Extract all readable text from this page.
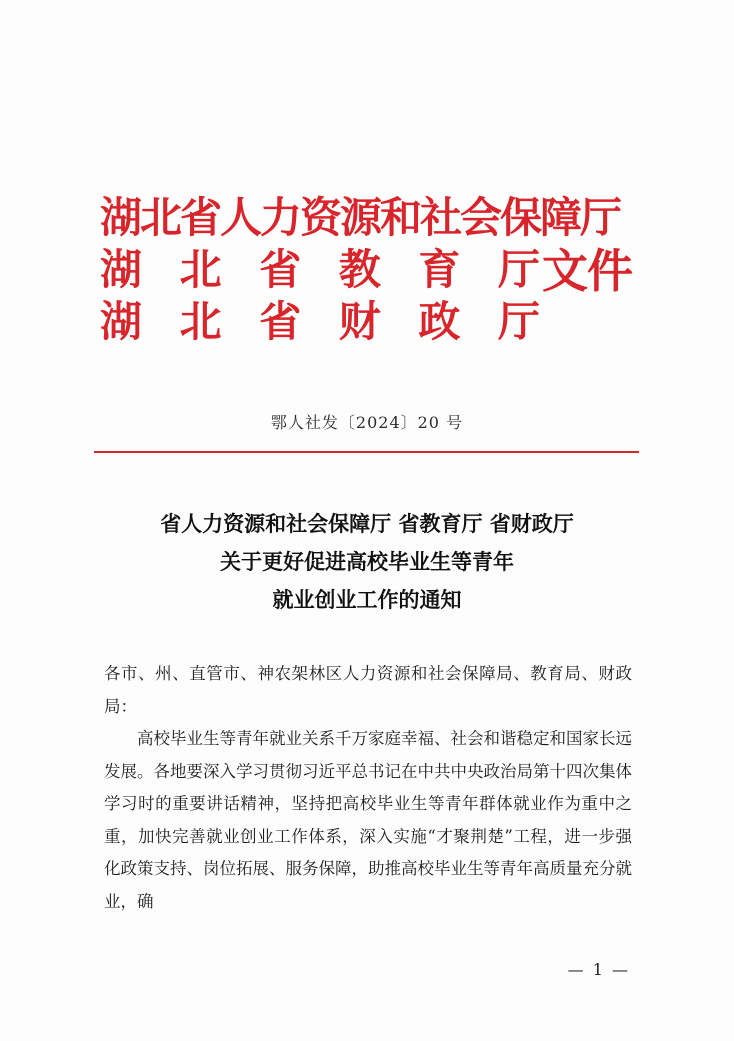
湖北省人力资源和社会保障厅
湖 北 省 教 育 厅
湖 北 省 财 政 厅
文件
鄂人社发〔2024〕20 号
省人力资源和社会保障厅 省教育厅 省财政厅
关于更好促进高校毕业生等青年
就业创业工作的通知

各市、州、直管市、神农架林区人力资源和社会保障局、教育局、财政局：

高校毕业生等青年就业关系千万家庭幸福、社会和谐稳定和国家长远发展。各地要深入学习贯彻习近平总书记在中共中央政治局第十四次集体学习时的重要讲话精神，坚持把高校毕业生等青年群体就业作为重中之重，加快完善就业创业工作体系，深入实施“才聚荆楚”工程，进一步强化政策支持、岗位拓展、服务保障，助推高校毕业生等青年高质量充分就业，确

— 1 —
